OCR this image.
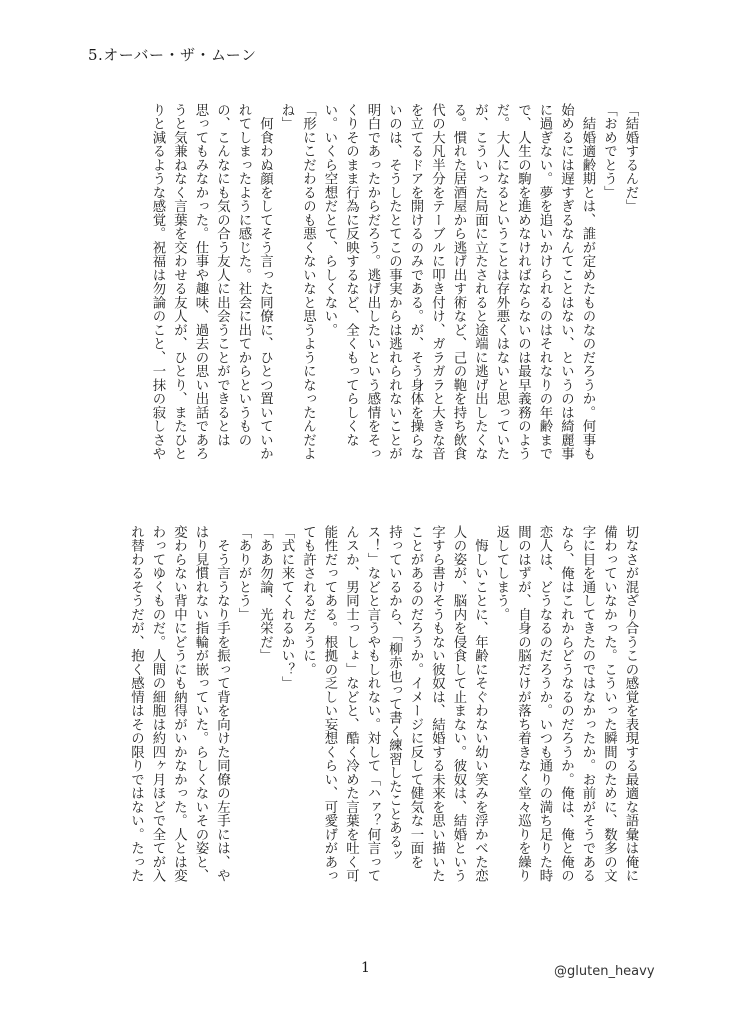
5.オーバー・ザ・ムーン
「結婚するんだ」
「おめでとう」
　結婚適齢期とは、誰が定めたものなのだろうか。何事も
始めるには遅すぎるなんてことはない、というのは綺麗事
に過ぎない。夢を追いかけられるのはそれなりの年齢まで
で、人生の駒を進めなければならないのは最早義務のよう
だ。大人になるということは存外悪くはないと思っていた
が、こういった局面に立たされると途端に逃げ出したくな
る。慣れた居酒屋から逃げ出す術など、己の鞄を持ち飲食
代の大凡半分をテーブルに叩き付け、ガラガラと大きな音
を立てるドアを開けるのみである。が、そう身体を操らな
いのは、そうしたとてこの事実からは逃れられないことが
明白であったからだろう。逃げ出したいという感情をそっ
くりそのまま行為に反映するなど、全くもってらしくな
い。いくら空想だとて、らしくない。
「形にこだわるのも悪くないなと思うようになったんだよ
ね」
　何食わぬ顔をしてそう言った同僚に、ひとつ置いていか
れてしまったように感じた。社会に出てからというもの
の、こんなにも気の合う友人に出会うことができるとは
思ってもみなかった。仕事や趣味、過去の思い出話であろ
うと気兼ねなく言葉を交わせる友人が、ひとり、またひと
りと減るような感覚。祝福は勿論のこと、一抹の寂しさや
切なさが混ざり合うこの感覚を表現する最適な語彙は俺に
備わっていなかった。こういった瞬間のために、数多の文
字に目を通してきたのではなかったか。お前がそうである
なら、俺はこれからどうなるのだろうか。俺は、俺と俺の
恋人は、どうなるのだろうか。いつも通りの満ち足りた時
間のはずが、自身の脳だけが落ち着きなく堂々巡りを繰り
返してしまう。
　悔しいことに、年齢にそぐわない幼い笑みを浮かべた恋
人の姿が、脳内を侵食して止まない。彼奴は、結婚という
字すら書けそうもない彼奴は、結婚する未来を思い描いた
ことがあるのだろうか。イメージに反して健気な一面を
持っているから、「柳赤也って書く練習したことあるッ
ス！」などと言うやもしれない。対して「ハァ？何言って
んスか、男同士っしょ」などと、酷く冷めた言葉を吐く可
能性だってある。根拠の乏しい妄想くらい、可愛げがあっ
ても許されるだろうに。
「式に来てくれるかい？」
「ああ勿論、光栄だ」
「ありがとう」
　そう言うなり手を振って背を向けた同僚の左手には、や
はり見慣れない指輪が嵌っていた。らしくないその姿と、
変わらない背中にどうにも納得がいかなかった。人とは変
わってゆくものだ。人間の細胞は約四ヶ月ほどで全てが入
れ替わるそうだが、抱く感情はその限りではない。たった
1	@gluten_heavy
